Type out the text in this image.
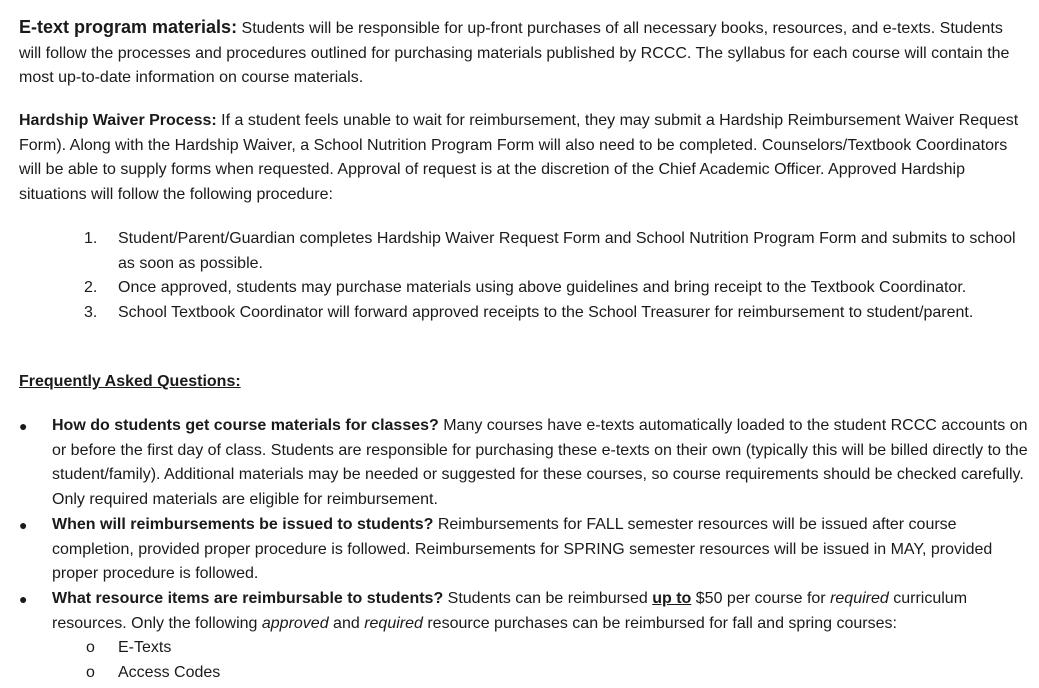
E-text program materials: Students will be responsible for up-front purchases of all necessary books, resources, and e-texts. Students will follow the processes and procedures outlined for purchasing materials published by RCCC. The syllabus for each course will contain the most up-to-date information on course materials.

Hardship Waiver Process: If a student feels unable to wait for reimbursement, they may submit a Hardship Reimbursement Waiver Request Form). Along with the Hardship Waiver, a School Nutrition Program Form will also need to be completed. Counselors/Textbook Coordinators will be able to supply forms when requested. Approval of request is at the discretion of the Chief Academic Officer. Approved Hardship situations will follow the following procedure:

1. Student/Parent/Guardian completes Hardship Waiver Request Form and School Nutrition Program Form and submits to school as soon as possible.
2. Once approved, students may purchase materials using above guidelines and bring receipt to the Textbook Coordinator.
3. School Textbook Coordinator will forward approved receipts to the School Treasurer for reimbursement to student/parent.

Frequently Asked Questions:

● How do students get course materials for classes? Many courses have e-texts automatically loaded to the student RCCC accounts on or before the first day of class. Students are responsible for purchasing these e-texts on their own (typically this will be billed directly to the student/family). Additional materials may be needed or suggested for these courses, so course requirements should be checked carefully. Only required materials are eligible for reimbursement.
● When will reimbursements be issued to students? Reimbursements for FALL semester resources will be issued after course completion, provided proper procedure is followed. Reimbursements for SPRING semester resources will be issued in MAY, provided proper procedure is followed.
● What resource items are reimbursable to students? Students can be reimbursed up to $50 per course for required curriculum resources. Only the following approved and required resource purchases can be reimbursed for fall and spring courses:
o E-Texts
o Access Codes
